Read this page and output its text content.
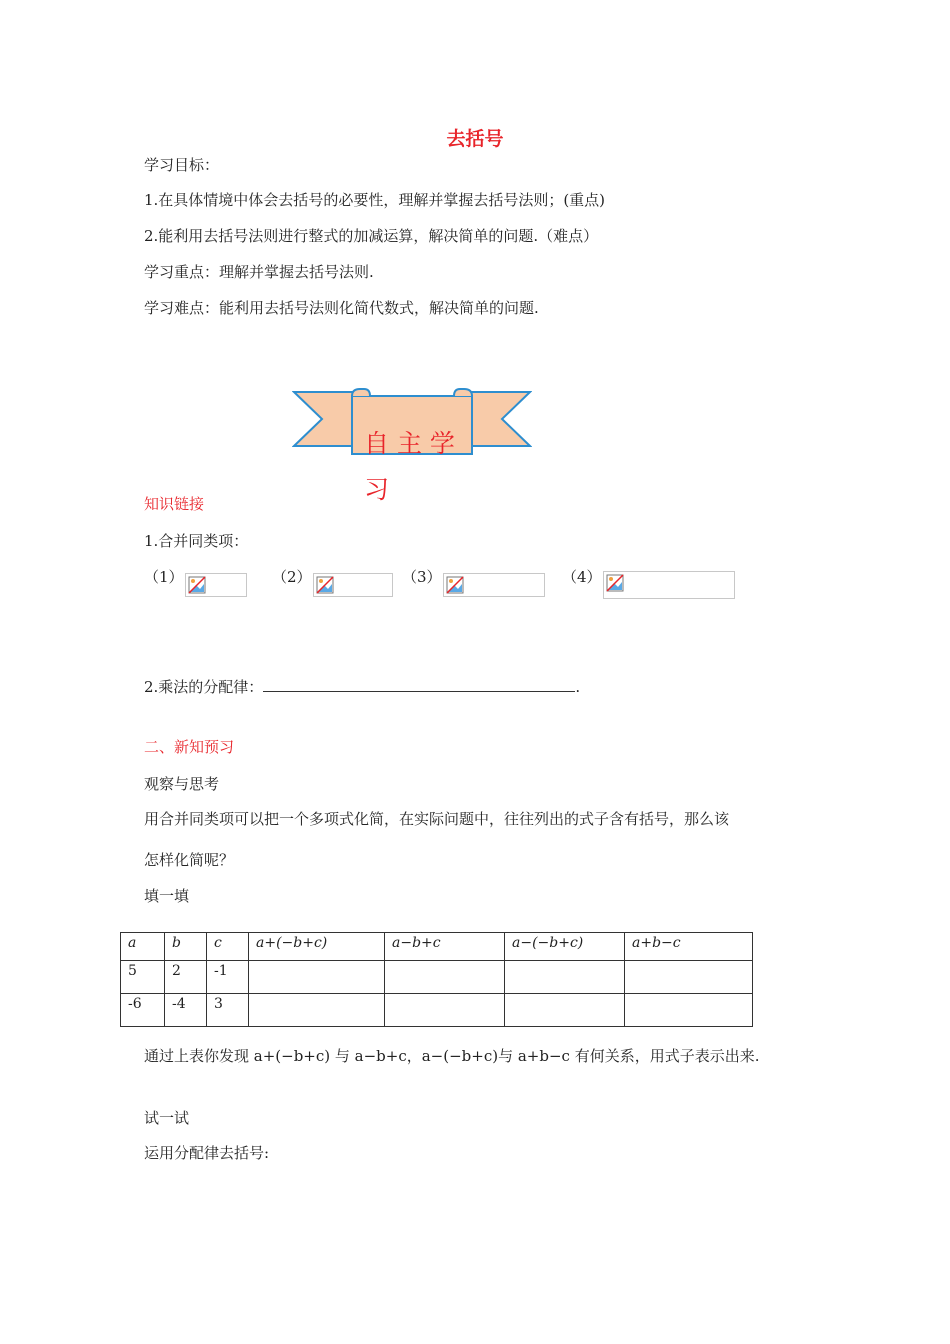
去括号
学习目标：
1.在具体情境中体会去括号的必要性，理解并掌握去括号法则；(重点)
2.能利用去括号法则进行整式的加减运算，解决简单的问题.（难点）
学习重点：理解并掌握去括号法则.
学习难点：能利用去括号法则化简代数式，解决简单的问题.
自 主 学
习
知识链接
1.合并同类项：
（1）	（2）	（3）	（4）
2.乘法的分配律：	.
二、新知预习
观察与思考
用合并同类项可以把一个多项式化简，在实际问题中，往往列出的式子含有括号，那么该
怎样化简呢？
填一填
a	b	c	a+(−b+c)	a−b+c	a−(−b+c)	a+b−c
5	2	-1				
-6	-4	3				
通过上表你发现 a+(−b+c) 与 a−b+c，a−(−b+c)与 a+b−c 有何关系，用式子表示出来.
试一试
运用分配律去括号:
